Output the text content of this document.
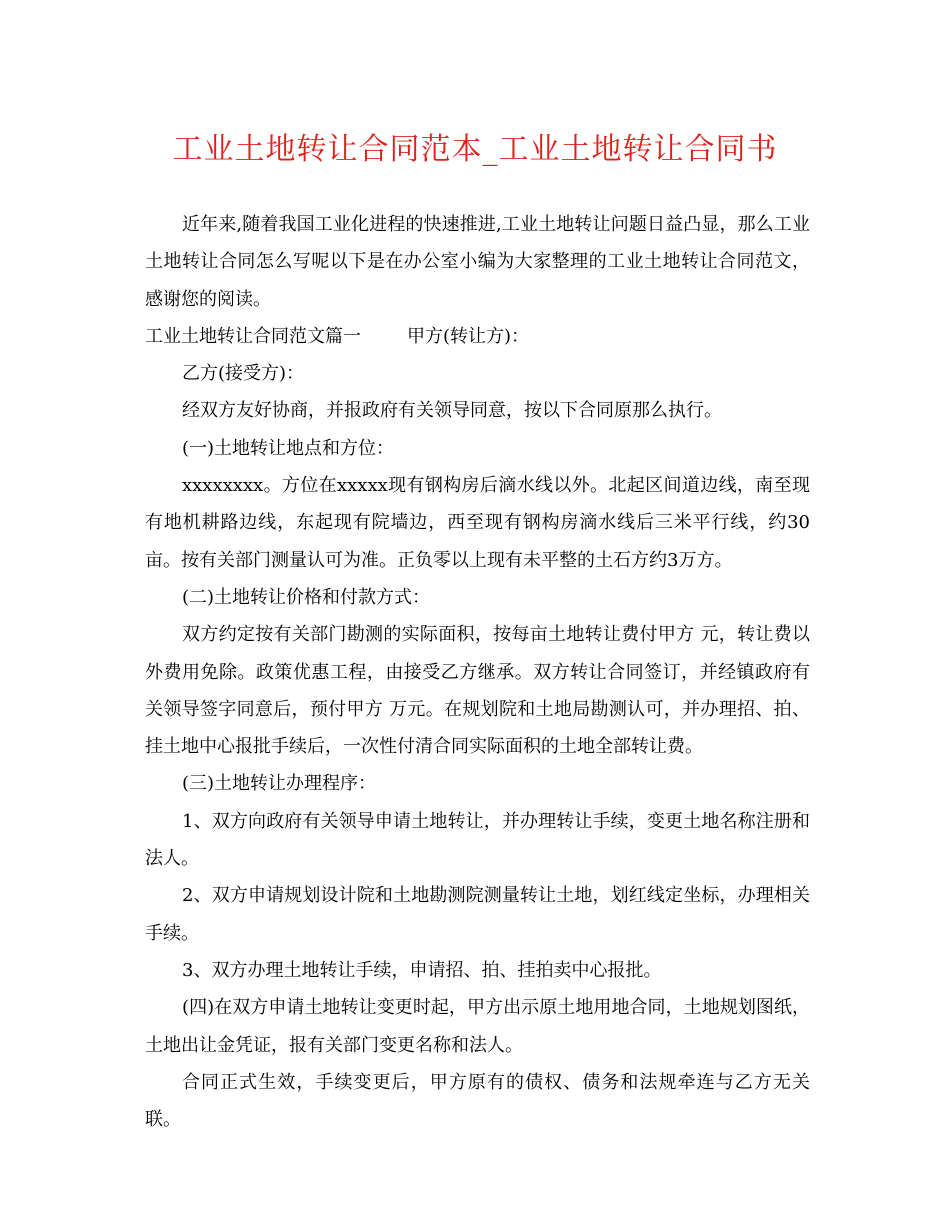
工业土地转让合同范本_工业土地转让合同书

近年来,随着我国工业化进程的快速推进,工业土地转让问题日益凸显，那么工业土地转让合同怎么写呢以下是在办公室小编为大家整理的工业土地转让合同范文，感谢您的阅读。

工业土地转让合同范文篇一	甲方(转让方)：

乙方(接受方)：

经双方友好协商，并报政府有关领导同意，按以下合同原那么执行。

(一)土地转让地点和方位：

xxxxxxxx。方位在xxxxx现有钢构房后滴水线以外。北起区间道边线，南至现有地机耕路边线，东起现有院墙边，西至现有钢构房滴水线后三米平行线，约30亩。按有关部门测量认可为准。正负零以上现有未平整的土石方约3万方。

(二)土地转让价格和付款方式：

双方约定按有关部门勘测的实际面积，按每亩土地转让费付甲方 元，转让费以外费用免除。政策优惠工程，由接受乙方继承。双方转让合同签订，并经镇政府有关领导签字同意后，预付甲方 万元。在规划院和土地局勘测认可，并办理招、拍、挂土地中心报批手续后，一次性付清合同实际面积的土地全部转让费。

(三)土地转让办理程序：

1、双方向政府有关领导申请土地转让，并办理转让手续，变更土地名称注册和法人。

2、双方申请规划设计院和土地勘测院测量转让土地，划红线定坐标，办理相关手续。

3、双方办理土地转让手续，申请招、拍、挂拍卖中心报批。

(四)在双方申请土地转让变更时起，甲方出示原土地用地合同，土地规划图纸，土地出让金凭证，报有关部门变更名称和法人。

合同正式生效，手续变更后，甲方原有的债权、债务和法规牵连与乙方无关联。
